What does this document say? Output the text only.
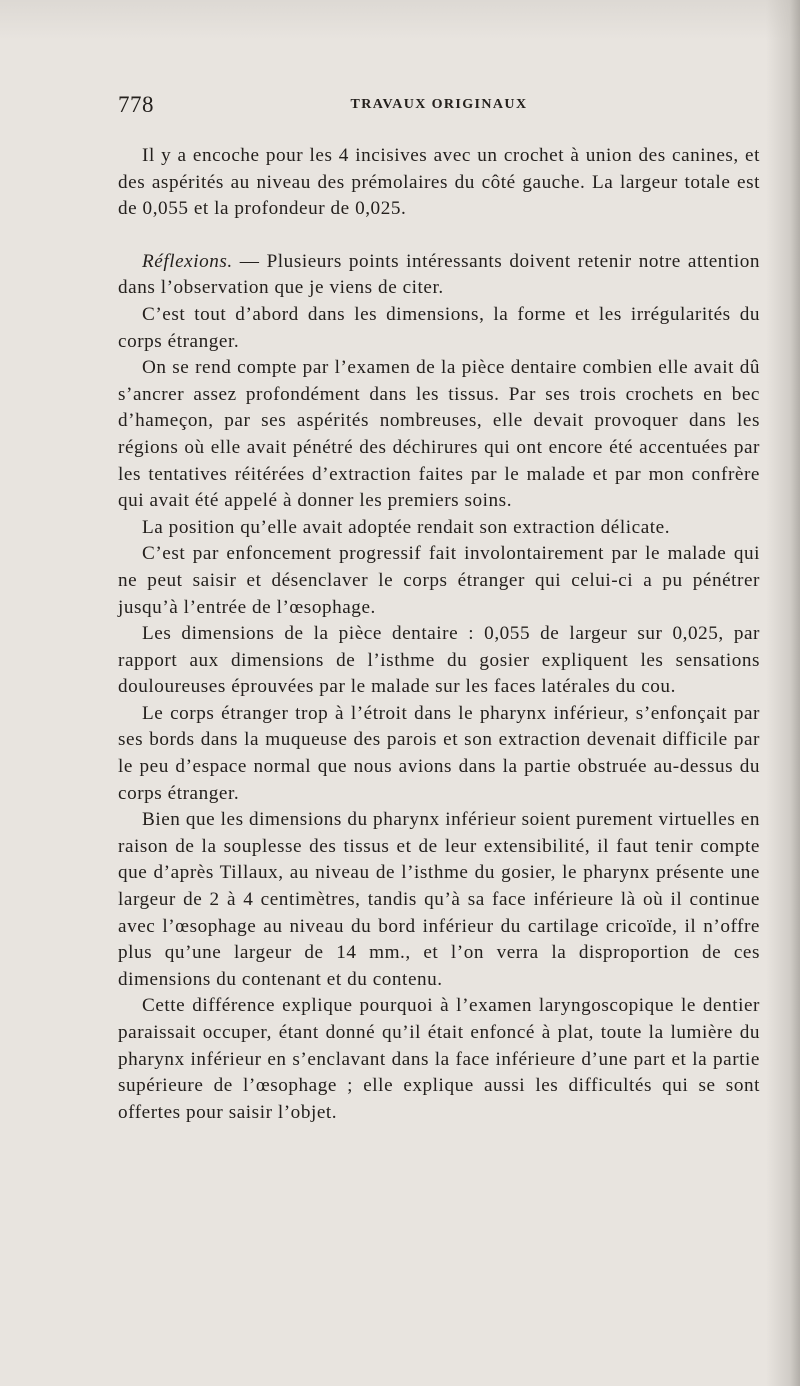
778	TRAVAUX ORIGINAUX

Il y a encoche pour les 4 incisives avec un crochet à union des canines, et des aspérités au niveau des prémolaires du côté gauche. La largeur totale est de 0,055 et la profondeur de 0,025.

Réflexions. — Plusieurs points intéressants doivent retenir notre attention dans l’observation que je viens de citer.

C’est tout d’abord dans les dimensions, la forme et les irrégularités du corps étranger.

On se rend compte par l’examen de la pièce dentaire combien elle avait dû s’ancrer assez profondément dans les tissus. Par ses trois crochets en bec d’hameçon, par ses aspérités nombreuses, elle devait provoquer dans les régions où elle avait pénétré des déchirures qui ont encore été accentuées par les tentatives réitérées d’extraction faites par le malade et par mon confrère qui avait été appelé à donner les premiers soins.

La position qu’elle avait adoptée rendait son extraction délicate.

C’est par enfoncement progressif fait involontairement par le malade qui ne peut saisir et désenclaver le corps étranger qui celui-ci a pu pénétrer jusqu’à l’entrée de l’œsophage.

Les dimensions de la pièce dentaire : 0,055 de largeur sur 0,025, par rapport aux dimensions de l’isthme du gosier expliquent les sensations douloureuses éprouvées par le malade sur les faces latérales du cou.

Le corps étranger trop à l’étroit dans le pharynx inférieur, s’enfonçait par ses bords dans la muqueuse des parois et son extraction devenait difficile par le peu d’espace normal que nous avions dans la partie obstruée au-dessus du corps étranger.

Bien que les dimensions du pharynx inférieur soient purement virtuelles en raison de la souplesse des tissus et de leur extensibilité, il faut tenir compte que d’après Tillaux, au niveau de l’isthme du gosier, le pharynx présente une largeur de 2 à 4 centimètres, tandis qu’à sa face inférieure là où il continue avec l’œsophage au niveau du bord inférieur du cartilage cricoïde, il n’offre plus qu’une largeur de 14 mm., et l’on verra la disproportion de ces dimensions du contenant et du contenu.

Cette différence explique pourquoi à l’examen laryngoscopique le dentier paraissait occuper, étant donné qu’il était enfoncé à plat, toute la lumière du pharynx inférieur en s’enclavant dans la face inférieure d’une part et la partie supérieure de l’œsophage ; elle explique aussi les difficultés qui se sont offertes pour saisir l’objet.
